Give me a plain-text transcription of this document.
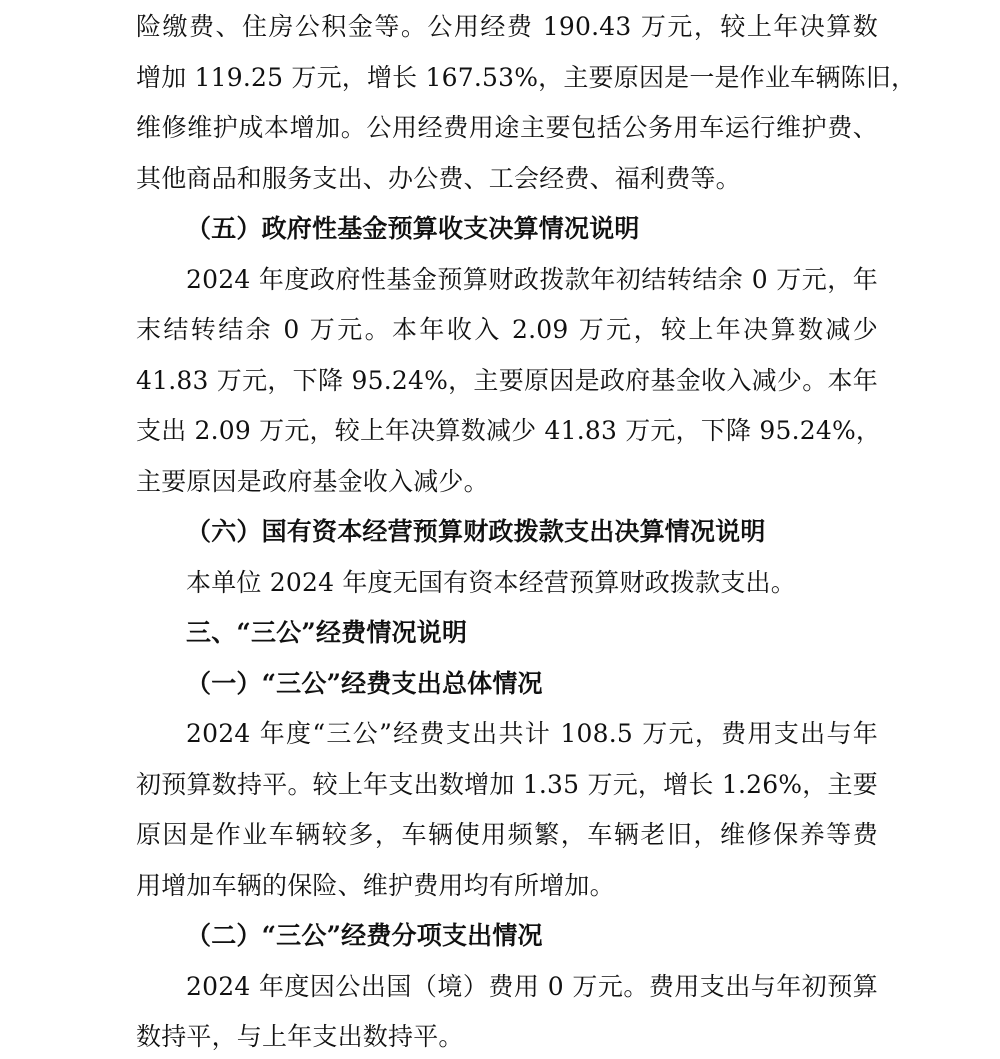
险缴费、住房公积金等。公用经费 190.43 万元，较上年决算数
增加 119.25 万元，增长 167.53%，主要原因是一是作业车辆陈旧，
维修维护成本增加。公用经费用途主要包括公务用车运行维护费、
其他商品和服务支出、办公费、工会经费、福利费等。
（五）政府性基金预算收支决算情况说明
2024 年度政府性基金预算财政拨款年初结转结余 0 万元，年
末结转结余 0 万元。本年收入 2.09 万元，较上年决算数减少
41.83 万元，下降 95.24%，主要原因是政府基金收入减少。本年
支出 2.09 万元，较上年决算数减少 41.83 万元，下降 95.24%，
主要原因是政府基金收入减少。
（六）国有资本经营预算财政拨款支出决算情况说明
本单位 2024 年度无国有资本经营预算财政拨款支出。
三、“三公”经费情况说明
（一）“三公”经费支出总体情况
2024 年度“三公”经费支出共计 108.5 万元，费用支出与年
初预算数持平。较上年支出数增加 1.35 万元，增长 1.26%，主要
原因是作业车辆较多，车辆使用频繁，车辆老旧，维修保养等费
用增加车辆的保险、维护费用均有所增加。
（二）“三公”经费分项支出情况
2024 年度因公出国（境）费用 0 万元。费用支出与年初预算
数持平，与上年支出数持平。
